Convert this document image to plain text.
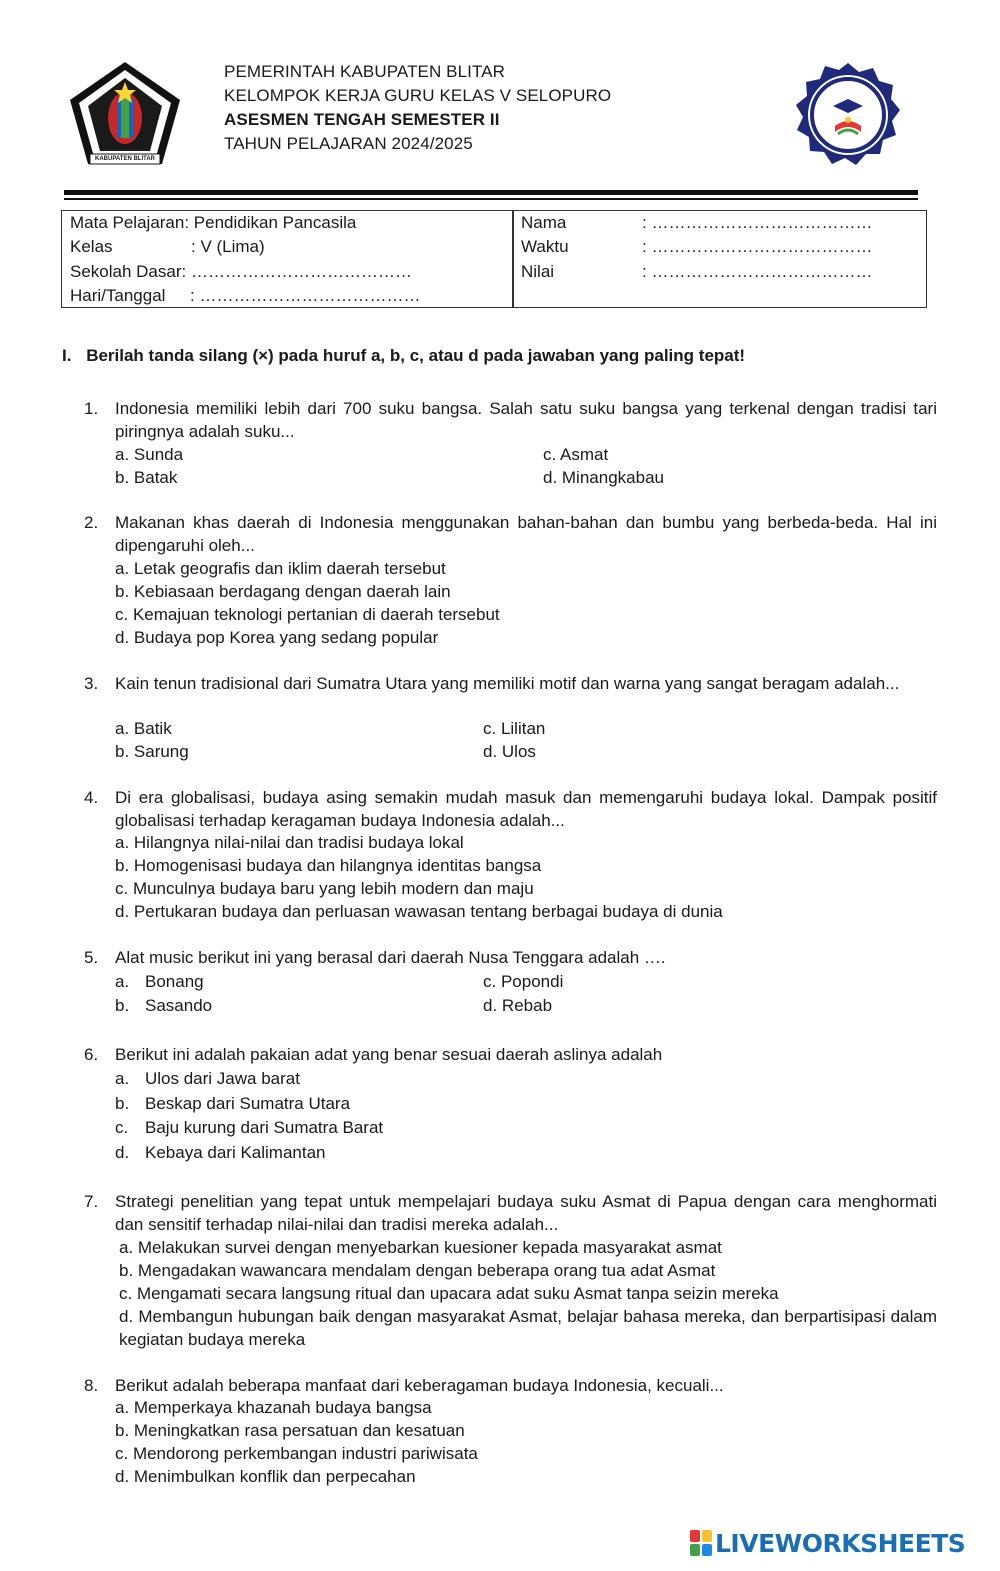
KABUPATEN BLITAR
PEMERINTAH KABUPATEN BLITAR
KELOMPOK KERJA GURU KELAS V SELOPURO
ASESMEN TENGAH SEMESTER II
TAHUN PELAJARAN 2024/2025
Mata Pelajaran: Pendidikan Pancasila
Kelas	: V (Lima)
Sekolah Dasar: …………………………………
Hari/Tanggal : …………………………………
Nama	: …………………………………
Waktu	: …………………………………
Nilai	: …………………………………
I. Berilah tanda silang (×) pada huruf a, b, c, atau d pada jawaban yang paling tepat!
1. Indonesia memiliki lebih dari 700 suku bangsa. Salah satu suku bangsa yang terkenal dengan tradisi tari piringnya adalah suku...
a. Sunda
b. Batak
c. Asmat
d. Minangkabau
2. Makanan khas daerah di Indonesia menggunakan bahan-bahan dan bumbu yang berbeda-beda. Hal ini dipengaruhi oleh...
a. Letak geografis dan iklim daerah tersebut
b. Kebiasaan berdagang dengan daerah lain
c. Kemajuan teknologi pertanian di daerah tersebut
d. Budaya pop Korea yang sedang popular
3. Kain tenun tradisional dari Sumatra Utara yang memiliki motif dan warna yang sangat beragam adalah...
a. Batik
b. Sarung
c. Lilitan
d. Ulos
4. Di era globalisasi, budaya asing semakin mudah masuk dan memengaruhi budaya lokal. Dampak positif globalisasi terhadap keragaman budaya Indonesia adalah...
a. Hilangnya nilai-nilai dan tradisi budaya lokal
b. Homogenisasi budaya dan hilangnya identitas bangsa
c. Munculnya budaya baru yang lebih modern dan maju
d. Pertukaran budaya dan perluasan wawasan tentang berbagai budaya di dunia
5. Alat music berikut ini yang berasal dari daerah Nusa Tenggara adalah ….
a. Bonang
b. Sasando
c. Popondi
d. Rebab
6. Berikut ini adalah pakaian adat yang benar sesuai daerah aslinya adalah
a. Ulos dari Jawa barat
b. Beskap dari Sumatra Utara
c. Baju kurung dari Sumatra Barat
d. Kebaya dari Kalimantan
7. Strategi penelitian yang tepat untuk mempelajari budaya suku Asmat di Papua dengan cara menghormati dan sensitif terhadap nilai-nilai dan tradisi mereka adalah...
a. Melakukan survei dengan menyebarkan kuesioner kepada masyarakat asmat
b. Mengadakan wawancara mendalam dengan beberapa orang tua adat Asmat
c. Mengamati secara langsung ritual dan upacara adat suku Asmat tanpa seizin mereka
d. Membangun hubungan baik dengan masyarakat Asmat, belajar bahasa mereka, dan berpartisipasi dalam kegiatan budaya mereka
8. Berikut adalah beberapa manfaat dari keberagaman budaya Indonesia, kecuali...
a. Memperkaya khazanah budaya bangsa
b. Meningkatkan rasa persatuan dan kesatuan
c. Mendorong perkembangan industri pariwisata
d. Menimbulkan konflik dan perpecahan
LIVEWORKSHEETS
